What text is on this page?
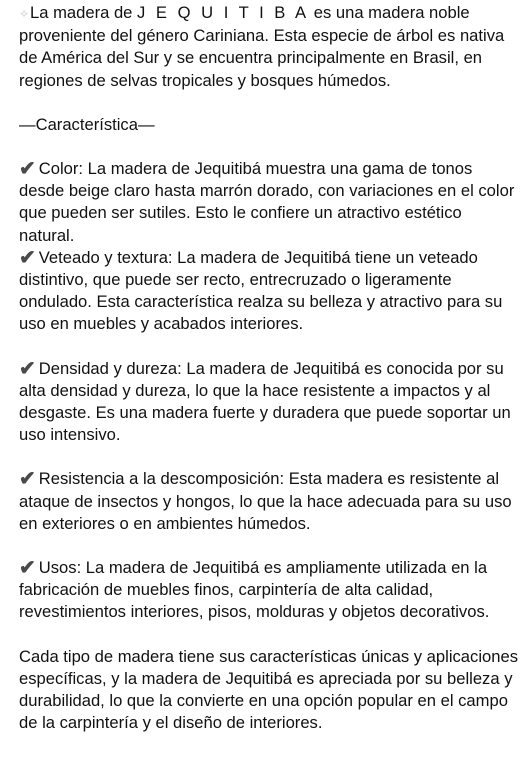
✧La madera de J E Q U I T I B A es una madera noble proveniente del género Cariniana. Esta especie de árbol es nativa de América del Sur y se encuentra principalmente en Brasil, en regiones de selvas tropicales y bosques húmedos.

—Característica—

✔ Color: La madera de Jequitibá muestra una gama de tonos desde beige claro hasta marrón dorado, con variaciones en el color que pueden ser sutiles. Esto le confiere un atractivo estético natural.

✔ Veteado y textura: La madera de Jequitibá tiene un veteado distintivo, que puede ser recto, entrecruzado o ligeramente ondulado. Esta característica realza su belleza y atractivo para su uso en muebles y acabados interiores.

✔ Densidad y dureza: La madera de Jequitibá es conocida por su alta densidad y dureza, lo que la hace resistente a impactos y al desgaste. Es una madera fuerte y duradera que puede soportar un uso intensivo.

✔ Resistencia a la descomposición: Esta madera es resistente al ataque de insectos y hongos, lo que la hace adecuada para su uso en exteriores o en ambientes húmedos.

✔ Usos: La madera de Jequitibá es ampliamente utilizada en la fabricación de muebles finos, carpintería de alta calidad, revestimientos interiores, pisos, molduras y objetos decorativos.

Cada tipo de madera tiene sus características únicas y aplicaciones específicas, y la madera de Jequitibá es apreciada por su belleza y durabilidad, lo que la convierte en una opción popular en el campo de la carpintería y el diseño de interiores.
